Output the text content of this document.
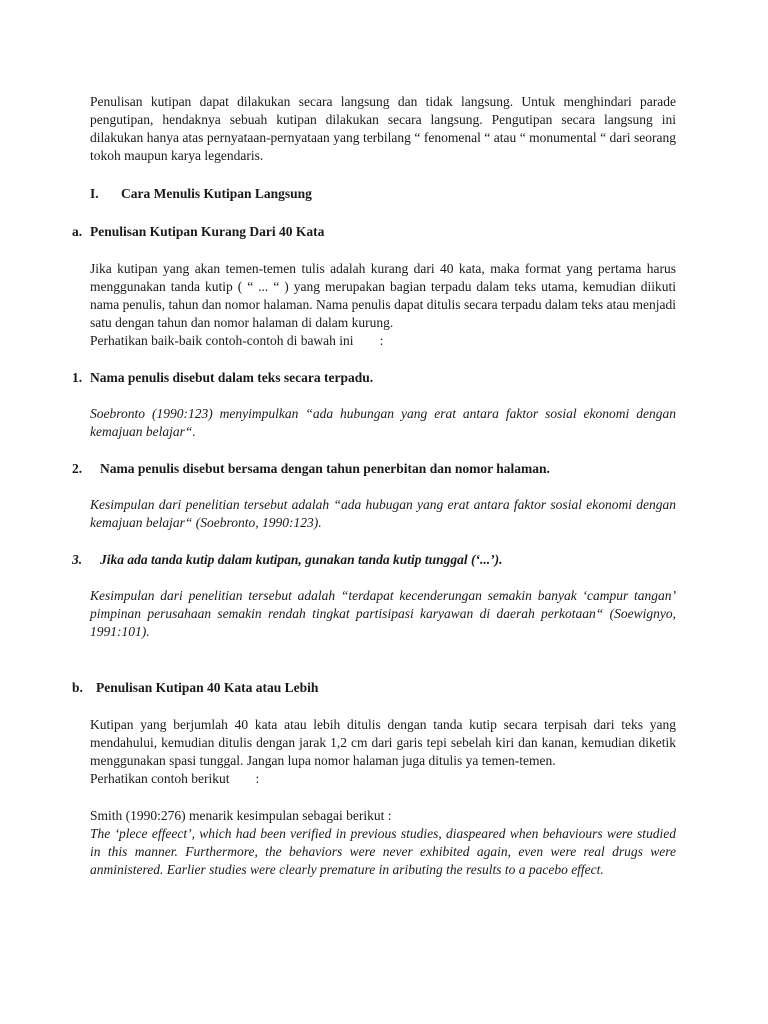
Penulisan kutipan dapat dilakukan secara langsung dan tidak langsung. Untuk menghindari parade pengutipan, hendaknya sebuah kutipan dilakukan secara langsung. Pengutipan secara langsung ini dilakukan hanya atas pernyataan-pernyataan yang terbilang “ fenomenal “ atau “ monumental “ dari seorang tokoh maupun karya legendaris.

I.	Cara Menulis Kutipan Langsung
a. Penulisan Kutipan Kurang Dari 40 Kata

Jika kutipan yang akan temen-temen tulis adalah kurang dari 40 kata, maka format yang pertama harus menggunakan tanda kutip ( “ ... “ ) yang merupakan bagian terpadu dalam teks utama, kemudian diikuti nama penulis, tahun dan nomor halaman. Nama penulis dapat ditulis secara terpadu dalam teks atau menjadi satu dengan tahun dan nomor halaman di dalam kurung.

Perhatikan baik-baik contoh-contoh di bawah ini :

1. Nama penulis disebut dalam teks secara terpadu.

Soebronto (1990:123) menyimpulkan “ada hubungan yang erat antara faktor sosial ekonomi dengan kemajuan belajar“.

2.	Nama penulis disebut bersama dengan tahun penerbitan dan nomor halaman.

Kesimpulan dari penelitian tersebut adalah “ada hubugan yang erat antara faktor sosial ekonomi dengan kemajuan belajar“ (Soebronto, 1990:123).

3.	Jika ada tanda kutip dalam kutipan, gunakan tanda kutip tunggal (‘...’).

Kesimpulan dari penelitian tersebut adalah “terdapat kecenderungan semakin banyak ‘campur tangan’ pimpinan perusahaan semakin rendah tingkat partisipasi karyawan di daerah perkotaan“ (Soewignyo, 1991:101).

b. Penulisan Kutipan 40 Kata atau Lebih

Kutipan yang berjumlah 40 kata atau lebih ditulis dengan tanda kutip secara terpisah dari teks yang mendahului, kemudian ditulis dengan jarak 1,2 cm dari garis tepi sebelah kiri dan kanan, kemudian diketik menggunakan spasi tunggal. Jangan lupa nomor halaman juga ditulis ya temen-temen.

Perhatikan contoh berikut :

Smith (1990:276) menarik kesimpulan sebagai berikut :

The ‘plece effeect’, which had been verified in previous studies, diaspeared when behaviours were studied in this manner. Furthermore, the behaviors were never exhibited again, even were real drugs were anministered. Earlier studies were clearly premature in aributing the results to a pacebo effect.
